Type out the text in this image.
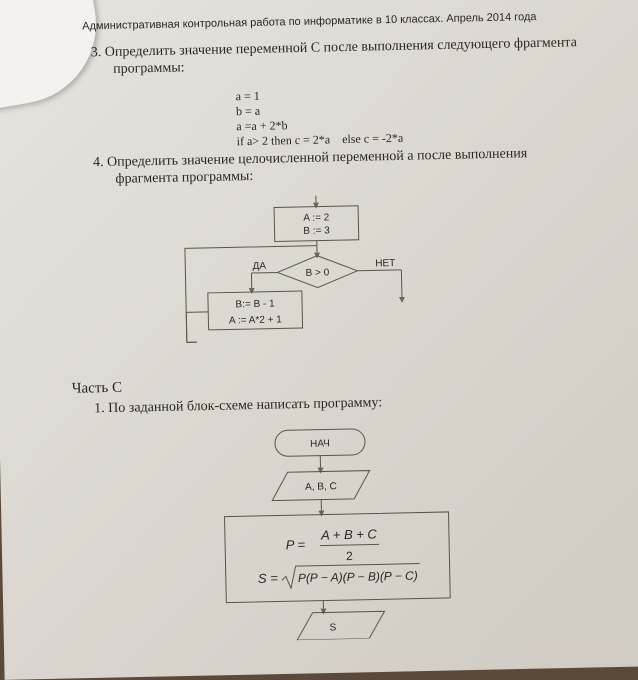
Административная контрольная работа по информатике в 10 классах. Апрель 2014 года
3. Определить значение переменной C после выполнения следующего фрагмента
программы:
a = 1
b = a
a =a + 2*b
if a> 2 then c = 2*a    else c = -2*a
4. Определить значение целочисленной переменной a после выполнения
фрагмента программы:
Часть С
1. По заданной блок-схеме написать программу:
A := 2
B := 3
B > 0
ДА	НЕТ
B:= B - 1
A := A*2 + 1
НАЧ
A, B, C
P =
A + B + C
2
S = P(P − A)(P − B)(P − C)
S
